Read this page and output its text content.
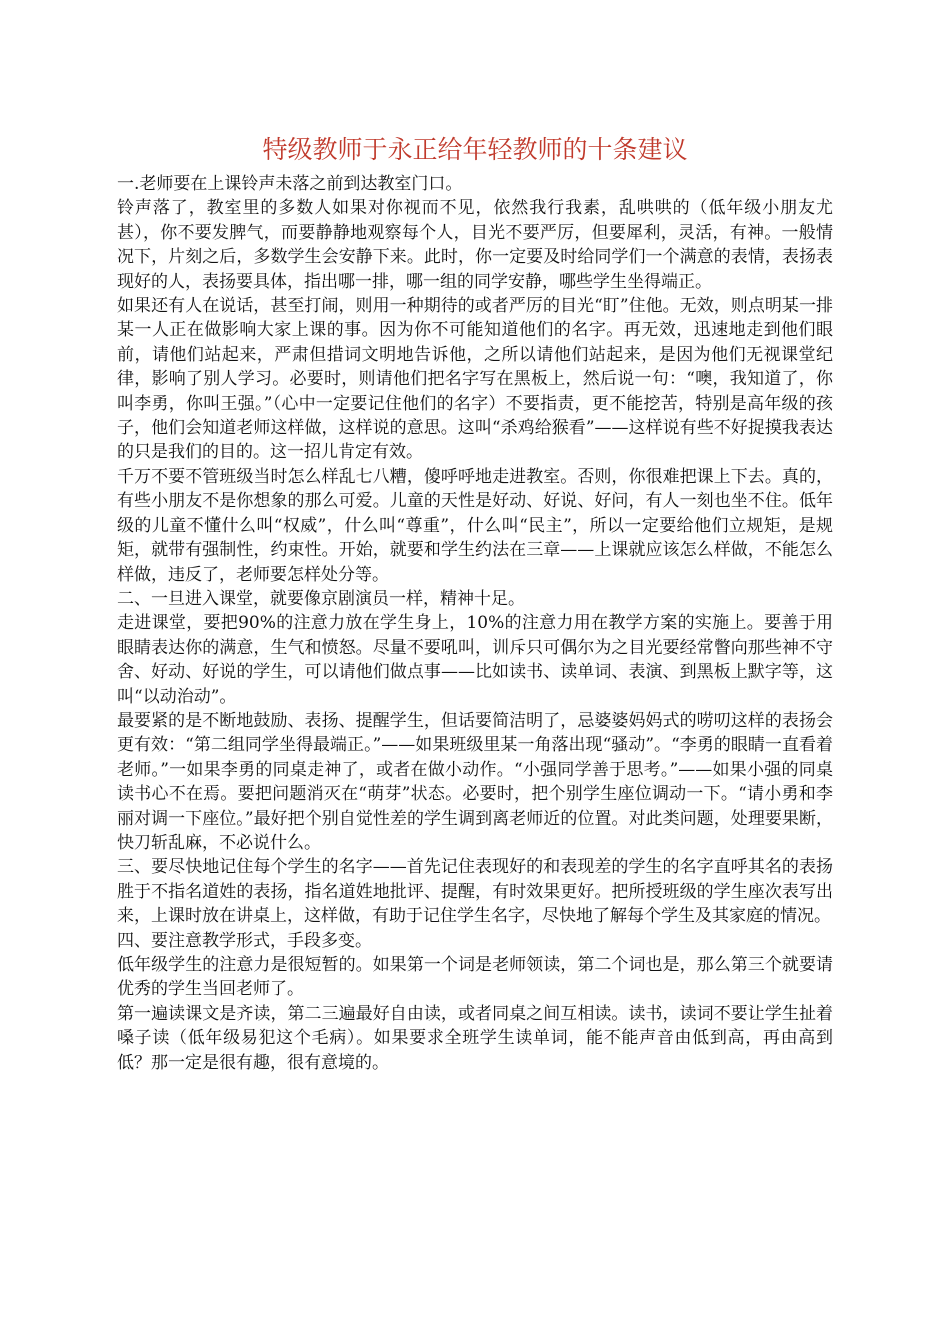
特级教师于永正给年轻教师的十条建议

一.老师要在上课铃声未落之前到达教室门口。

铃声落了，教室里的多数人如果对你视而不见，依然我行我素，乱哄哄的（低年级小朋友尤甚），你不要发脾气，而要静静地观察每个人，目光不要严厉，但要犀利，灵活，有神。一般情况下，片刻之后，多数学生会安静下来。此时，你一定要及时给同学们一个满意的表情，表扬表现好的人，表扬要具体，指出哪一排，哪一组的同学安静，哪些学生坐得端正。

如果还有人在说话，甚至打闹，则用一种期待的或者严厉的目光“盯”住他。无效，则点明某一排某一人正在做影响大家上课的事。因为你不可能知道他们的名字。再无效，迅速地走到他们眼前，请他们站起来，严肃但措词文明地告诉他，之所以请他们站起来，是因为他们无视课堂纪律，影响了别人学习。必要时，则请他们把名字写在黑板上，然后说一句：“噢，我知道了，你叫李勇，你叫王强。”（心中一定要记住他们的名字）不要指责，更不能挖苦，特别是高年级的孩子，他们会知道老师这样做，这样说的意思。这叫“杀鸡给猴看”——这样说有些不好捉摸我表达的只是我们的目的。这一招儿肯定有效。

千万不要不管班级当时怎么样乱七八糟，傻呼呼地走进教室。否则，你很难把课上下去。真的，有些小朋友不是你想象的那么可爱。儿童的天性是好动、好说、好问，有人一刻也坐不住。低年级的儿童不懂什么叫“权威”，什么叫“尊重”，什么叫“民主”，所以一定要给他们立规矩，是规矩，就带有强制性，约束性。开始，就要和学生约法在三章——上课就应该怎么样做，不能怎么样做，违反了，老师要怎样处分等。

二、一旦进入课堂，就要像京剧演员一样，精神十足。

走进课堂，要把90%的注意力放在学生身上，10%的注意力用在教学方案的实施上。要善于用眼睛表达你的满意，生气和愤怒。尽量不要吼叫，训斥只可偶尔为之目光要经常瞥向那些神不守舍、好动、好说的学生，可以请他们做点事——比如读书、读单词、表演、到黑板上默字等，这叫“以动治动”。

最要紧的是不断地鼓励、表扬、提醒学生，但话要简洁明了，忌婆婆妈妈式的唠叨这样的表扬会更有效：“第二组同学坐得最端正。”——如果班级里某一角落出现“骚动”。“李勇的眼睛一直看着老师。”一如果李勇的同桌走神了，或者在做小动作。“小强同学善于思考。”——如果小强的同桌读书心不在焉。要把问题消灭在“萌芽”状态。必要时，把个别学生座位调动一下。“请小勇和李丽对调一下座位。”最好把个别自觉性差的学生调到离老师近的位置。对此类问题，处理要果断，快刀斩乱麻，不必说什么。

三、要尽快地记住每个学生的名字——首先记住表现好的和表现差的学生的名字直呼其名的表扬胜于不指名道姓的表扬，指名道姓地批评、提醒，有时效果更好。把所授班级的学生座次表写出来，上课时放在讲桌上，这样做，有助于记住学生名字，尽快地了解每个学生及其家庭的情况。

四、要注意教学形式，手段多变。

低年级学生的注意力是很短暂的。如果第一个词是老师领读，第二个词也是，那么第三个就要请优秀的学生当回老师了。

第一遍读课文是齐读，第二三遍最好自由读，或者同桌之间互相读。读书，读词不要让学生扯着嗓子读（低年级易犯这个毛病）。如果要求全班学生读单词，能不能声音由低到高，再由高到低？那一定是很有趣，很有意境的。
